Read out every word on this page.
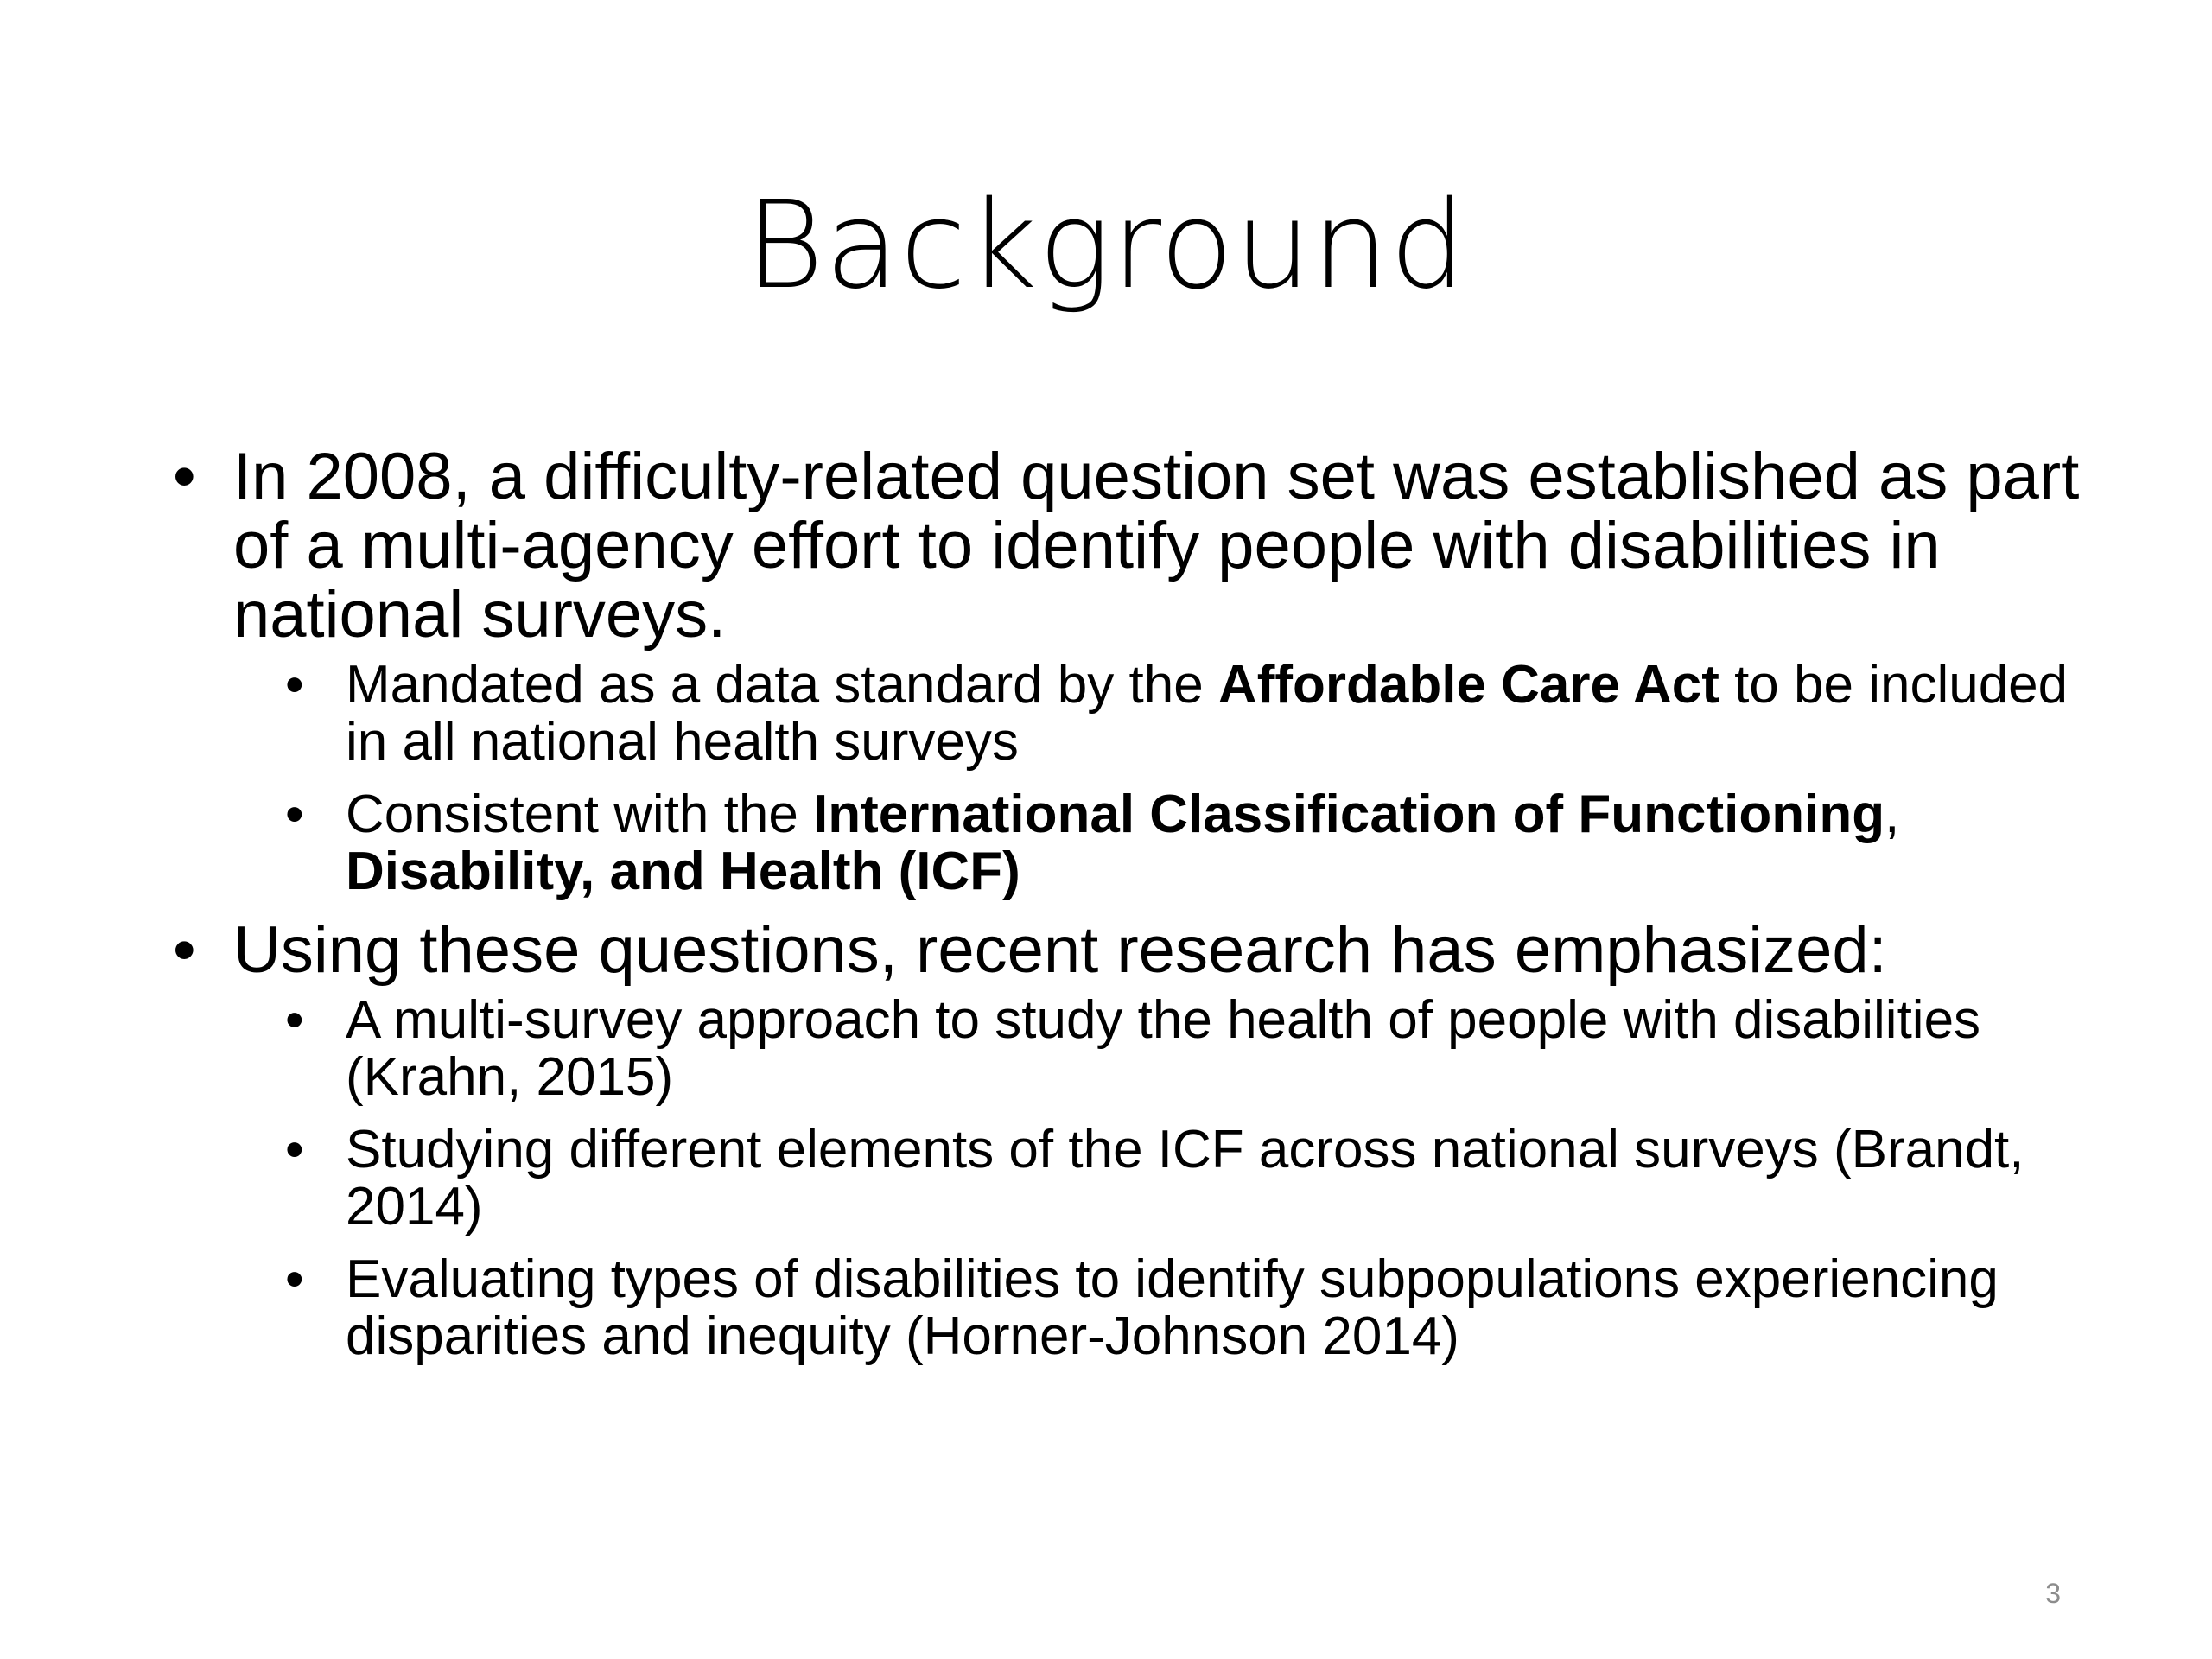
Background
• In 2008, a difficulty-related question set was established as part of a multi-agency effort to identify people with disabilities in national surveys.
• Mandated as a data standard by the Affordable Care Act to be included in all national health surveys
• Consistent with the International Classification of Functioning, Disability, and Health (ICF)
• Using these questions, recent research has emphasized:
• A multi-survey approach to study the health of people with disabilities (Krahn, 2015)
• Studying different elements of the ICF across national surveys (Brandt, 2014)
• Evaluating types of disabilities to identify subpopulations experiencing disparities and inequity (Horner-Johnson 2014)
3
